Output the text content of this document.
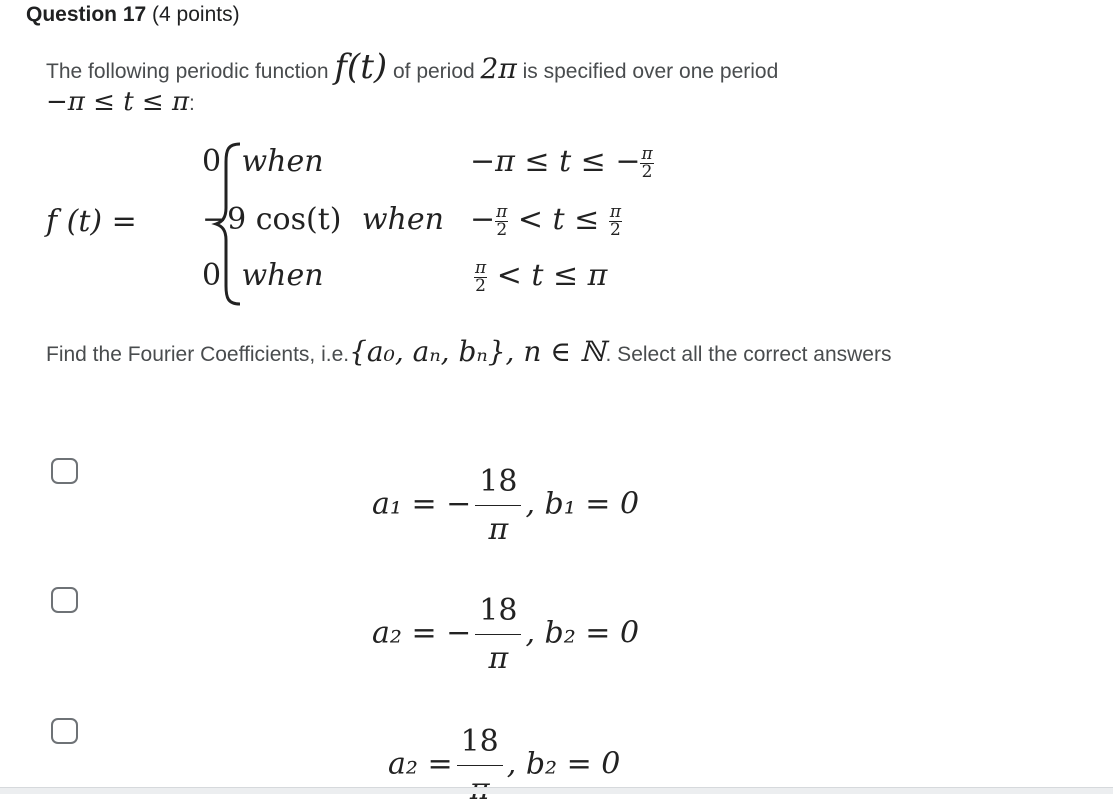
Question 17 (4 points)
The following periodic function f(t) of period 2π is specified over one period
−π ≤ t ≤ π:
f (t) =
0 when	−π ≤ t ≤ − $\frac{\pi}{2}$
−9 cos(t) when − $\frac{\pi}{2} < t \le \frac{\pi}{2}$
0 when	$\frac{\pi}{2} < t \le \pi$
Find the Fourier Coefficients, i.e.{a₀, aₙ, bₙ}, n ∈ ℕ. Select all the correct answers
a₁ = − $\frac{18}{\pi}$ , b₁ = 0
a₂ = − $\frac{18}{\pi}$ , b₂ = 0
a₂ =
18
, b₂ = 0
